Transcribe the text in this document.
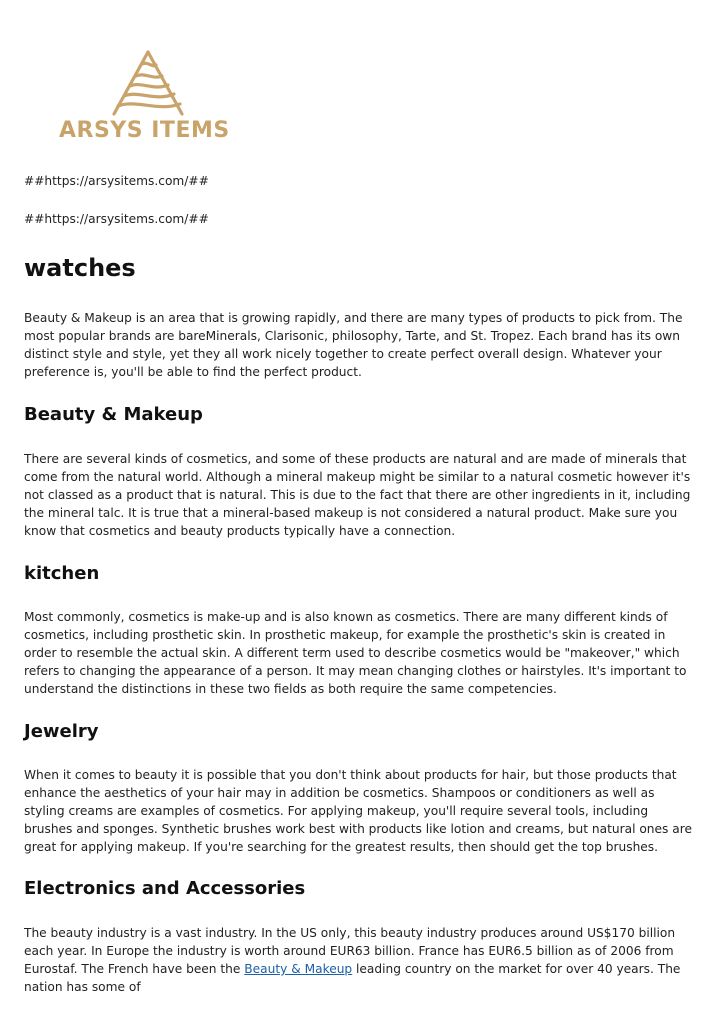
ARSYS ITEMS
##https://arsysitems.com/##
##https://arsysitems.com/##
watches

Beauty & Makeup is an area that is growing rapidly, and there are many types of products to pick from. The most popular brands are bareMinerals, Clarisonic, philosophy, Tarte, and St. Tropez. Each brand has its own distinct style and style, yet they all work nicely together to create perfect overall design. Whatever your preference is, you'll be able to find the perfect product.

Beauty & Makeup

There are several kinds of cosmetics, and some of these products are natural and are made of minerals that come from the natural world. Although a mineral makeup might be similar to a natural cosmetic however it's not classed as a product that is natural. This is due to the fact that there are other ingredients in it, including the mineral talc. It is true that a mineral-based makeup is not considered a natural product. Make sure you know that cosmetics and beauty products typically have a connection.

kitchen

Most commonly, cosmetics is make-up and is also known as cosmetics. There are many different kinds of cosmetics, including prosthetic skin. In prosthetic makeup, for example the prosthetic's skin is created in order to resemble the actual skin. A different term used to describe cosmetics would be "makeover," which refers to changing the appearance of a person. It may mean changing clothes or hairstyles. It's important to understand the distinctions in these two fields as both require the same competencies.

Jewelry

When it comes to beauty it is possible that you don't think about products for hair, but those products that enhance the aesthetics of your hair may in addition be cosmetics. Shampoos or conditioners as well as styling creams are examples of cosmetics. For applying makeup, you'll require several tools, including brushes and sponges. Synthetic brushes work best with products like lotion and creams, but natural ones are great for applying makeup. If you're searching for the greatest results, then should get the top brushes.

Electronics and Accessories

The beauty industry is a vast industry. In the US only, this beauty industry produces around US$170 billion each year. In Europe the industry is worth around EUR63 billion. France has EUR6.5 billion as of 2006 from Eurostaf. The French have been the Beauty & Makeup leading country on the market for over 40 years. The nation has some of
